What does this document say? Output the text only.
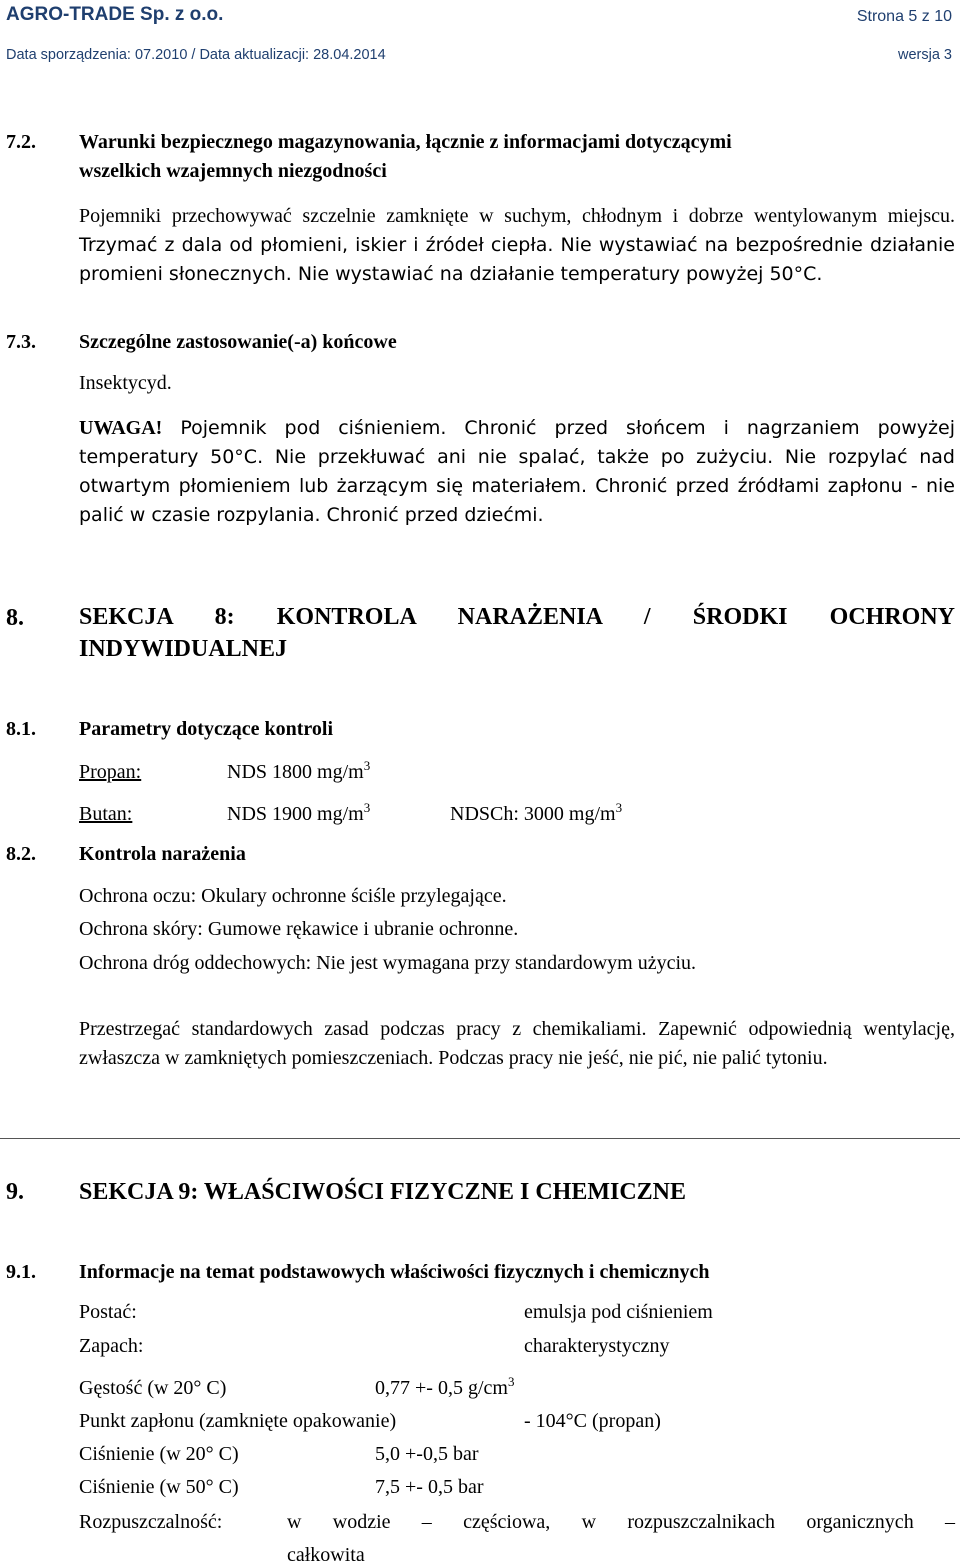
AGRO-TRADE Sp. z o.o.	Strona 5 z 10
Data sporządzenia: 07.2010 / Data aktualizacji: 28.04.2014	wersja 3
7.2. Warunki bezpiecznego magazynowania, łącznie z informacjami dotyczącymi
wszelkich wzajemnych niezgodności
Pojemniki przechowywać szczelnie zamknięte w suchym, chłodnym i dobrze wentylowanym miejscu. Trzymać z dala od płomieni, iskier i źródeł ciepła. Nie wystawiać na bezpośrednie działanie promieni słonecznych. Nie wystawiać na działanie temperatury powyżej 50°C.
7.3. Szczególne zastosowanie(-a) końcowe
Insektycyd.
UWAGA! Pojemnik pod ciśnieniem. Chronić przed słońcem i nagrzaniem powyżej temperatury 50°C. Nie przekłuwać ani nie spalać, także po zużyciu. Nie rozpylać nad otwartym płomieniem lub żarzącym się materiałem. Chronić przed źródłami zapłonu - nie palić w czasie rozpylania. Chronić przed dziećmi.
8. SEKCJA 8: KONTROLA NARAŻENIA / ŚRODKI OCHRONY
INDYWIDUALNEJ
8.1. Parametry dotyczące kontroli
Propan:	NDS 1800 $mg/m^3$
Butan:	NDS 1900 $mg/m^3$	NDSCh: 3000 $mg/m^3$
8.2. Kontrola narażenia
Ochrona oczu: Okulary ochronne ściśle przylegające.
Ochrona skóry: Gumowe rękawice i ubranie ochronne.
Ochrona dróg oddechowych: Nie jest wymagana przy standardowym użyciu.
Przestrzegać standardowych zasad podczas pracy z chemikaliami. Zapewnić odpowiednią wentylację, zwłaszcza w zamkniętych pomieszczeniach. Podczas pracy nie jeść, nie pić, nie palić tytoniu.
9. SEKCJA 9: WŁAŚCIWOŚCI FIZYCZNE I CHEMICZNE
9.1. Informacje na temat podstawowych właściwości fizycznych i chemicznych
Postać:	emulsja pod ciśnieniem
Zapach:	charakterystyczny
Gęstość (w 20° C)	0,77 +- 0,5 $g/cm^3$
Punkt zapłonu (zamknięte opakowanie)	- 104°C (propan)
Ciśnienie (w 20° C)	5,0 +-0,5 bar
Ciśnienie (w 50° C)	7,5 +- 0,5 bar
Rozpuszczalność:	w wodzie – częściowa, w rozpuszczalnikach organicznych –
całkowita
